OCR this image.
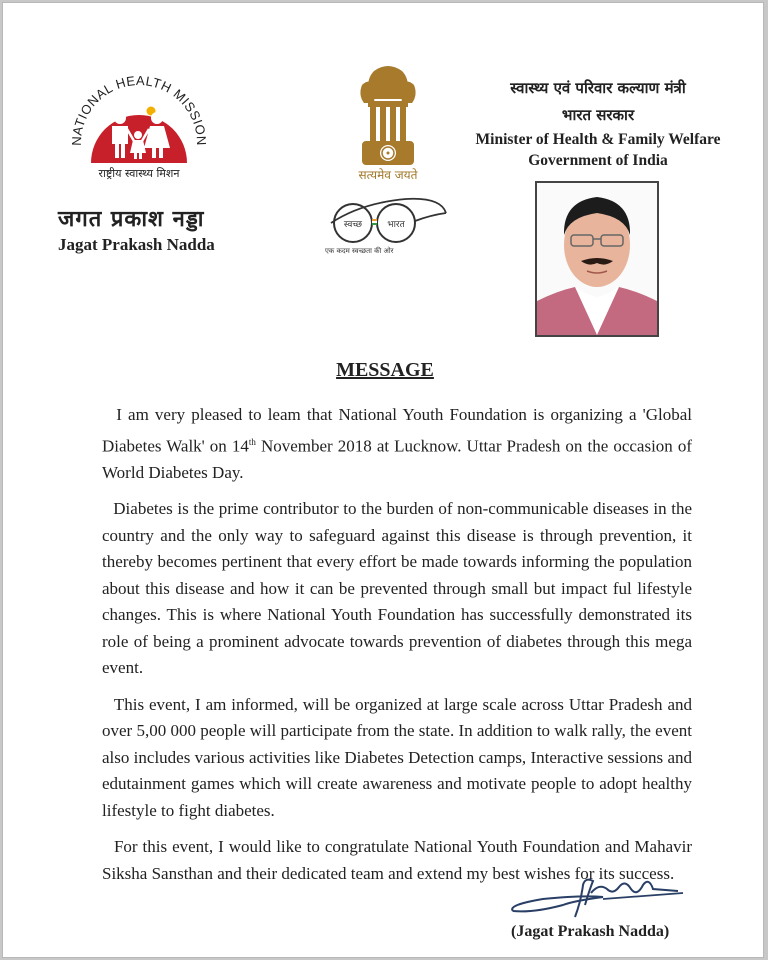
NATIONAL HEALTH MISSION
राष्ट्रीय स्वास्थ्य मिशन
जगत प्रकाश नड्डा
Jagat Prakash Nadda
सत्यमेव जयते
स्वच्छ	भारत
एक कदम स्वच्छता की ओर
स्वास्थ्य एवं परिवार कल्याण मंत्री
भारत सरकार
Minister of Health & Family Welfare
Government of India
MESSAGE

I am very pleased to leam that National Youth Foundation is organizing a 'Global Diabetes Walk' on 14th November 2018 at Lucknow. Uttar Pradesh on the occasion of World Diabetes Day.

Diabetes is the prime contributor to the burden of non-communicable diseases in the country and the only way to safeguard against this disease is through prevention, it thereby becomes pertinent that every effort be made towards informing the population about this disease and how it can be prevented through small but impact ful lifestyle changes. This is where National Youth Foundation has successfully demonstrated its role of being a prominent advocate towards prevention of diabetes through this mega event.

This event, I am informed, will be organized at large scale across Uttar Pradesh and over 5,00 000 people will participate from the state. In addition to walk rally, the event also includes various activities like Diabetes Detection camps, Interactive sessions and edutainment games which will create awareness and motivate people to adopt healthy lifestyle to fight diabetes.

For this event, I would like to congratulate National Youth Foundation and Mahavir Siksha Sansthan and their dedicated team and extend my best wishes for its success.

(Jagat Prakash Nadda)
